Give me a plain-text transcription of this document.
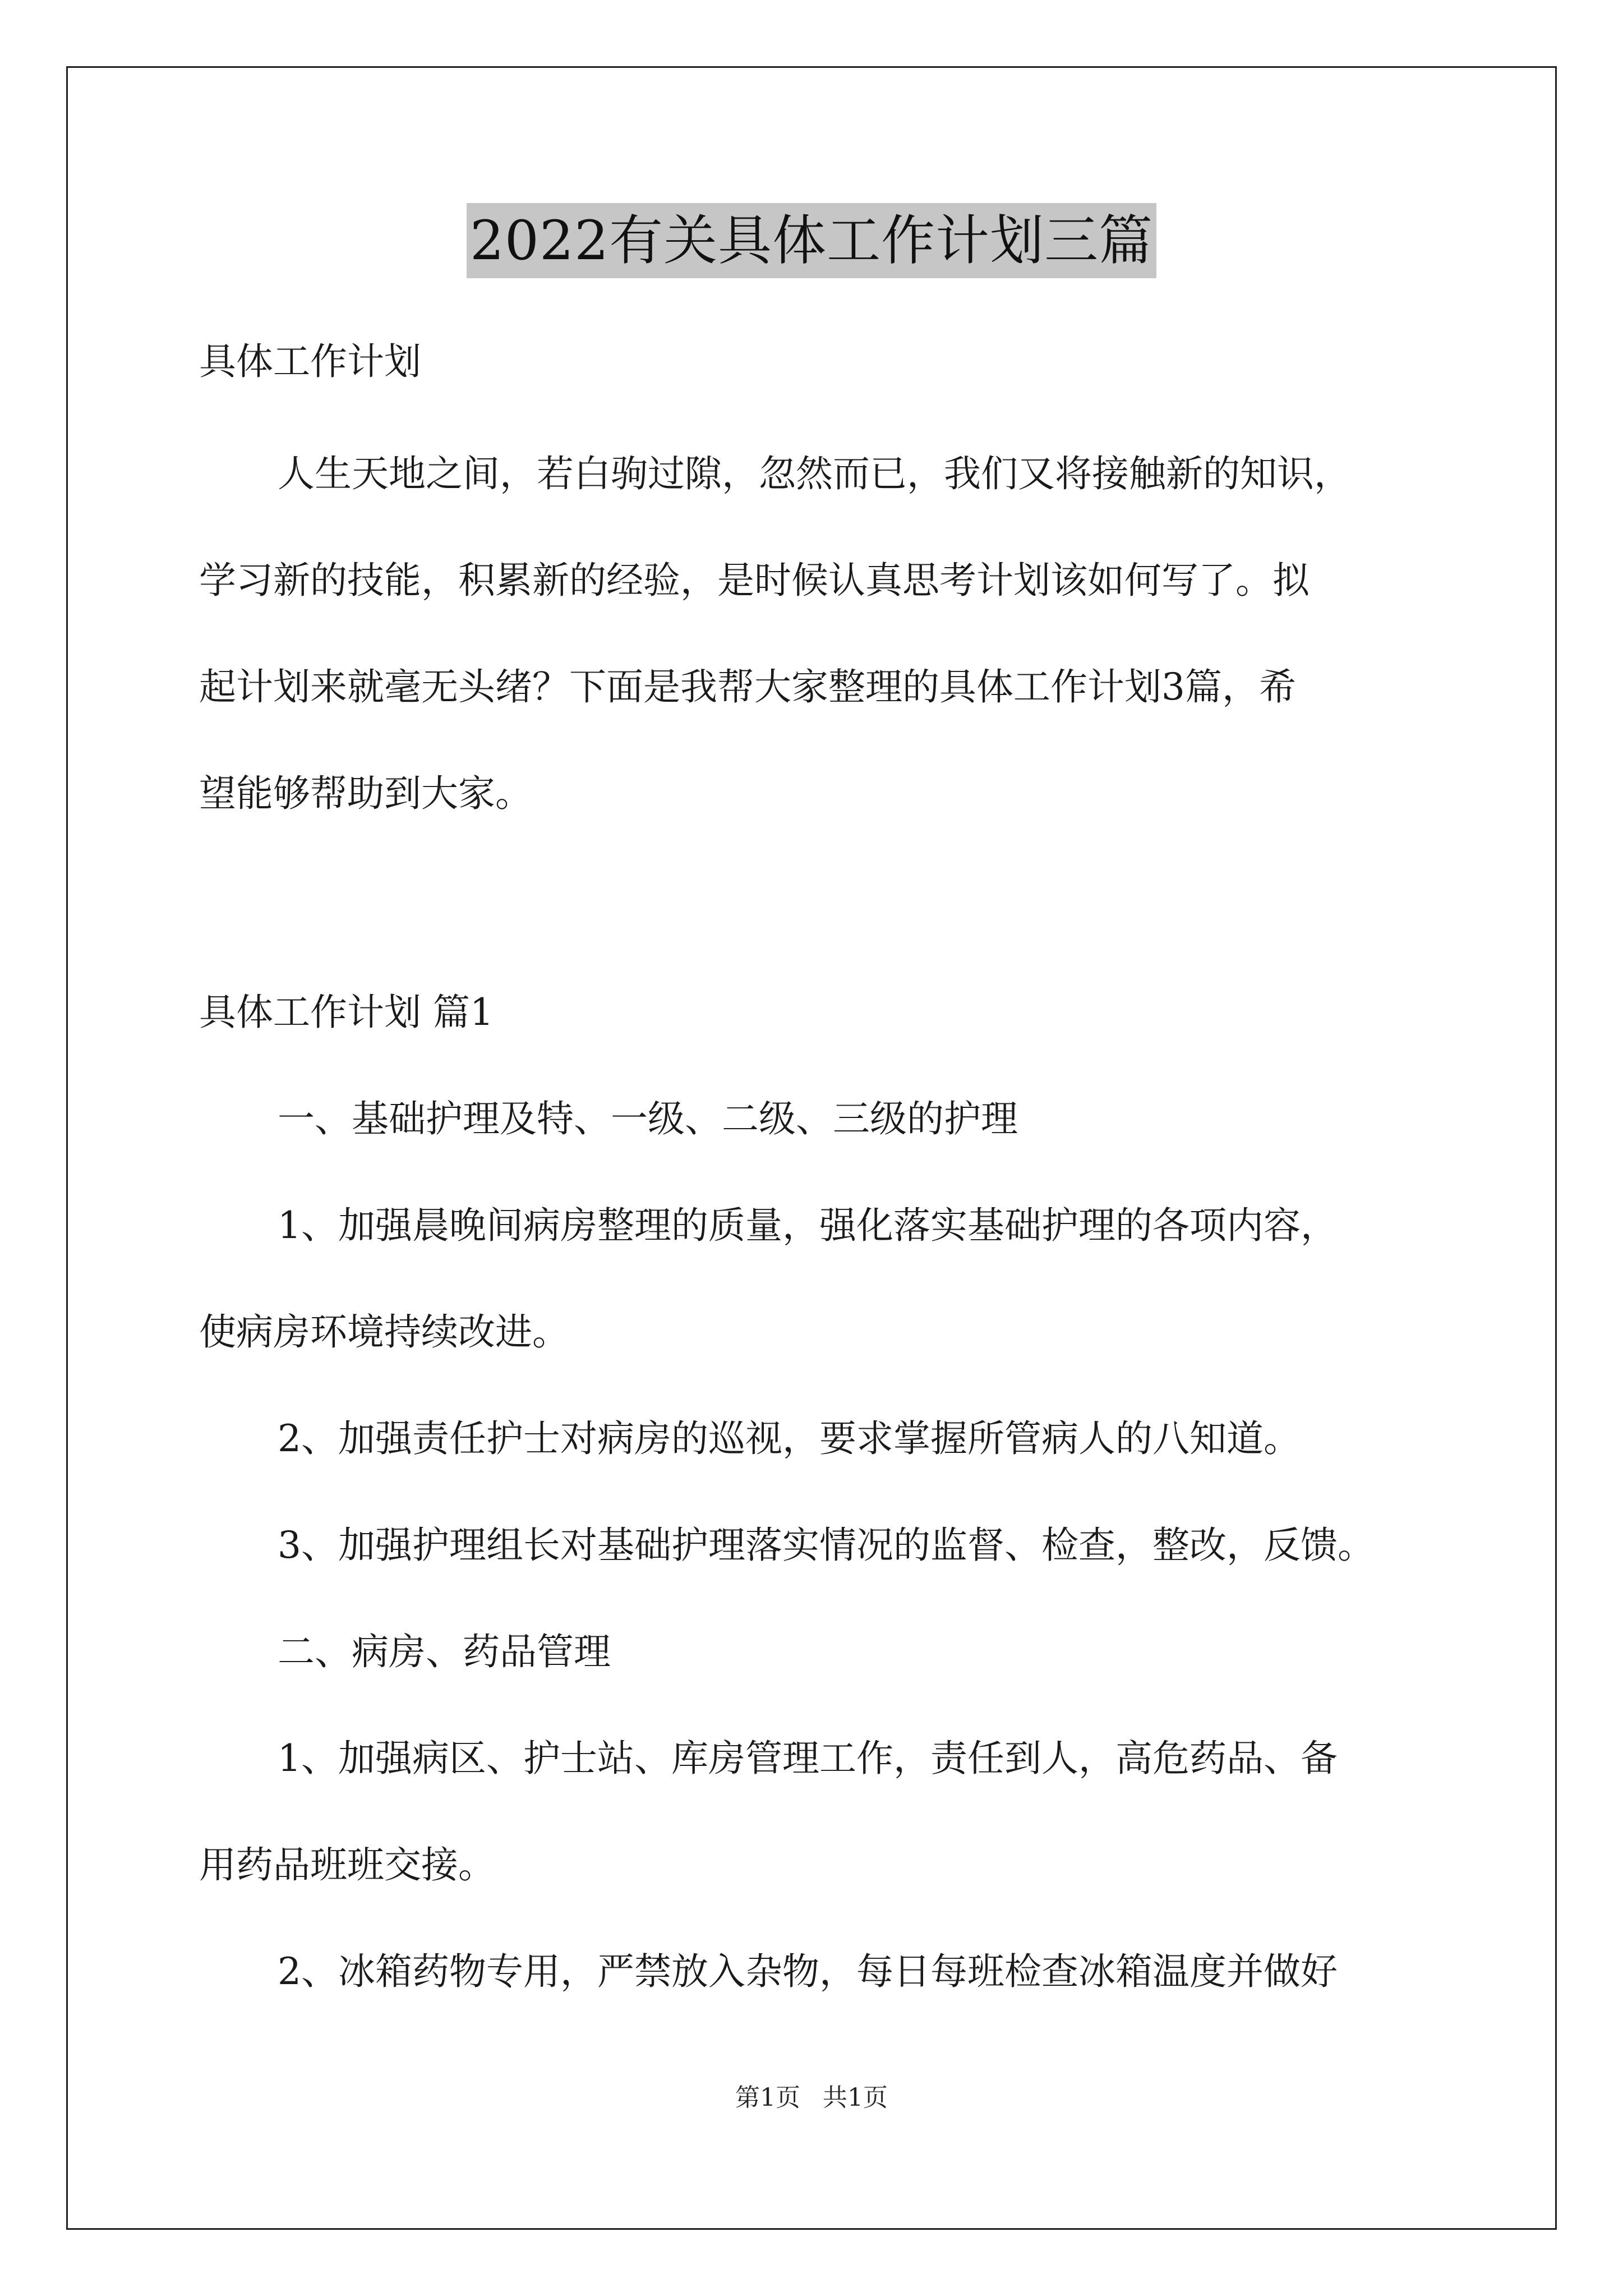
2022有关具体工作计划三篇
具体工作计划
人生天地之间，若白驹过隙，忽然而已，我们又将接触新的知识，
学习新的技能，积累新的经验，是时候认真思考计划该如何写了。拟
起计划来就毫无头绪？下面是我帮大家整理的具体工作计划3篇，希
望能够帮助到大家。
具体工作计划 篇1
一、基础护理及特、一级、二级、三级的护理
1、加强晨晚间病房整理的质量，强化落实基础护理的各项内容，
使病房环境持续改进。
2、加强责任护士对病房的巡视，要求掌握所管病人的八知道。
3、加强护理组长对基础护理落实情况的监督、检查，整改，反馈。
二、病房、药品管理
1、加强病区、护士站、库房管理工作，责任到人，高危药品、备
用药品班班交接。
2、冰箱药物专用，严禁放入杂物，每日每班检查冰箱温度并做好
第1页 共1页
